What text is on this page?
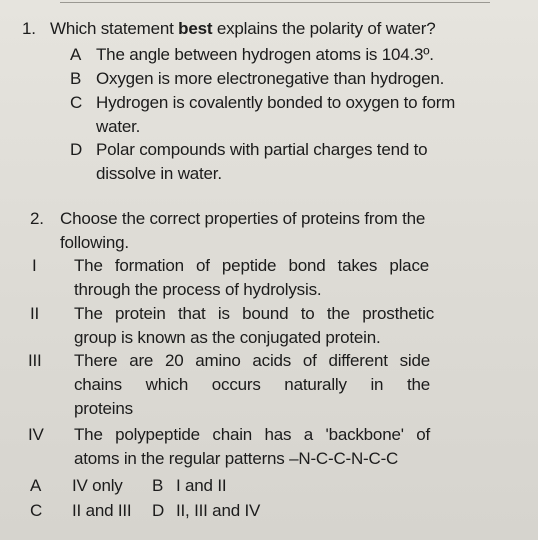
1. Which statement best explains the polarity of water?
A The angle between hydrogen atoms is 104.3º.
B Oxygen is more electronegative than hydrogen.
C Hydrogen is covalently bonded to oxygen to form
water.
D Polar compounds with partial charges tend to
dissolve in water.
2. Choose the correct properties of proteins from the
following.
I The formation of peptide bond takes place
through the process of hydrolysis.
II The protein that is bound to the prosthetic
group is known as the conjugated protein.
III There are 20 amino acids of different side
chains which occurs naturally in the
proteins
IV The polypeptide chain has a 'backbone' of
atoms in the regular patterns –N-C-C-N-C-C
A IV only B I and II
C II and III D II, III and IV
